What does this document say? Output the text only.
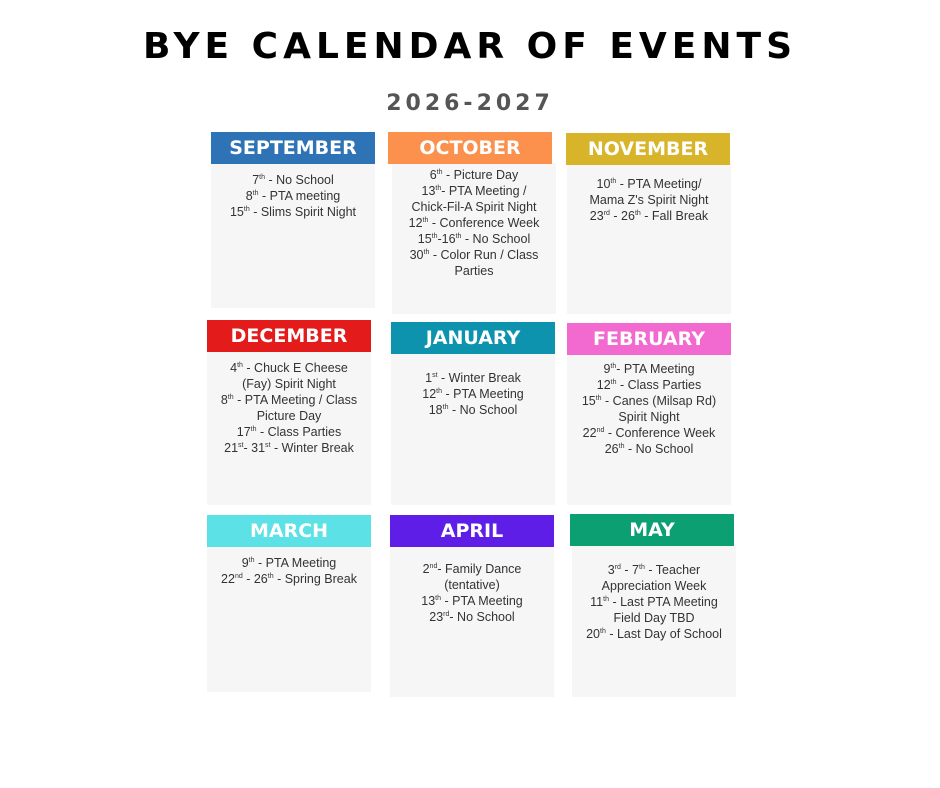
BYE CALENDAR OF EVENTS
2026-2027
SEPTEMBER
7th - No School
8th - PTA meeting
15th - Slims Spirit Night
OCTOBER
6th - Picture Day
13th- PTA Meeting /
Chick-Fil-A Spirit Night
12th - Conference Week
15th-16th - No School
30th - Color Run / Class
Parties
NOVEMBER
10th - PTA Meeting/
Mama Z's Spirit Night
23rd - 26th - Fall Break
DECEMBER
4th - Chuck E Cheese
(Fay) Spirit Night
8th - PTA Meeting / Class
Picture Day
17th - Class Parties
21st- 31st - Winter Break
JANUARY
1st - Winter Break
12th - PTA Meeting
18th - No School
FEBRUARY
9th- PTA Meeting
12th - Class Parties
15th - Canes (Milsap Rd)
Spirit Night
22nd - Conference Week
26th - No School
MARCH
9th - PTA Meeting
22nd - 26th - Spring Break
APRIL
2nd- Family Dance
(tentative)
13th - PTA Meeting
23rd- No School
MAY
3rd - 7th - Teacher
Appreciation Week
11th - Last PTA Meeting
Field Day TBD
20th - Last Day of School
